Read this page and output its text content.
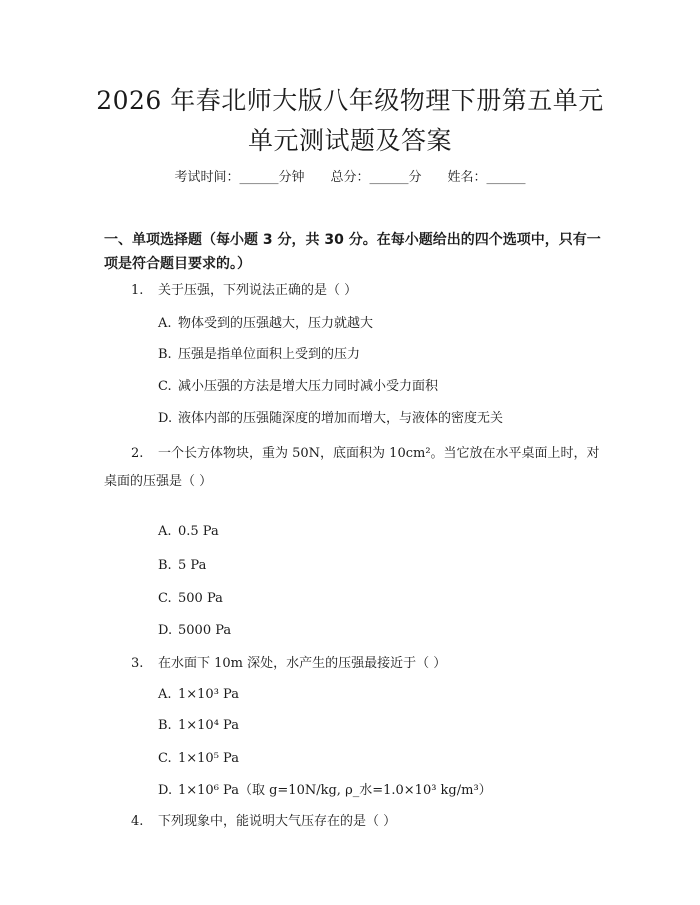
2026 年春北师大版八年级物理下册第五单元
单元测试题及答案
考试时间：______分钟 总分：______分 姓名：______
一、单项选择题（每小题 3 分，共 30 分。在每小题给出的四个选项中，只有一项是符合题目要求的。）
1. 关于压强，下列说法正确的是（ ）
A. 物体受到的压强越大，压力就越大
B. 压强是指单位面积上受到的压力
C. 减小压强的方法是增大压力同时减小受力面积
D. 液体内部的压强随深度的增加而增大，与液体的密度无关
2. 一个长方体物块，重为 50N，底面积为 10cm²。当它放在水平桌面上时，对桌面的压强是（ ）
A. 0.5 Pa
B. 5 Pa
C. 500 Pa
D. 5000 Pa
3. 在水面下 10m 深处，水产生的压强最接近于（ ）
A. 1×10³ Pa
B. 1×10⁴ Pa
C. 1×10⁵ Pa
D. 1×10⁶ Pa（取 g=10N/kg, ρ_水=1.0×10³ kg/m³）
4. 下列现象中，能说明大气压存在的是（ ）
